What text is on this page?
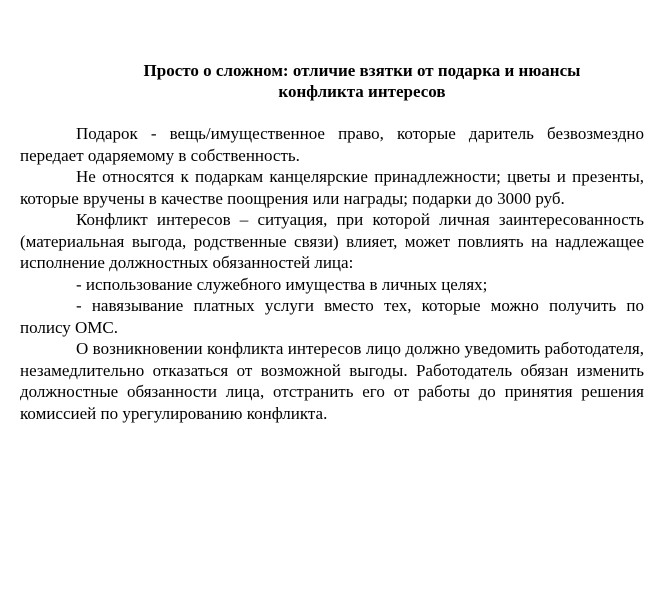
Просто о сложном: отличие взятки от подарка и нюансы
конфликта интересов

Подарок - вещь/имущественное право, которые даритель безвозмездно передает одаряемому в собственность.

Не относятся к подаркам канцелярские принадлежности; цветы и презенты, которые вручены в качестве поощрения или награды; подарки до 3000 руб.

Конфликт интересов – ситуация, при которой личная заинтересованность (материальная выгода, родственные связи) влияет, может повлиять на надлежащее исполнение должностных обязанностей лица:

- использование служебного имущества в личных целях;

- навязывание платных услуги вместо тех, которые можно получить по полису ОМС.

О возникновении конфликта интересов лицо должно уведомить работодателя, незамедлительно отказаться от возможной выгоды. Работодатель обязан изменить должностные обязанности лица, отстранить его от работы до принятия решения комиссией по урегулированию конфликта.
